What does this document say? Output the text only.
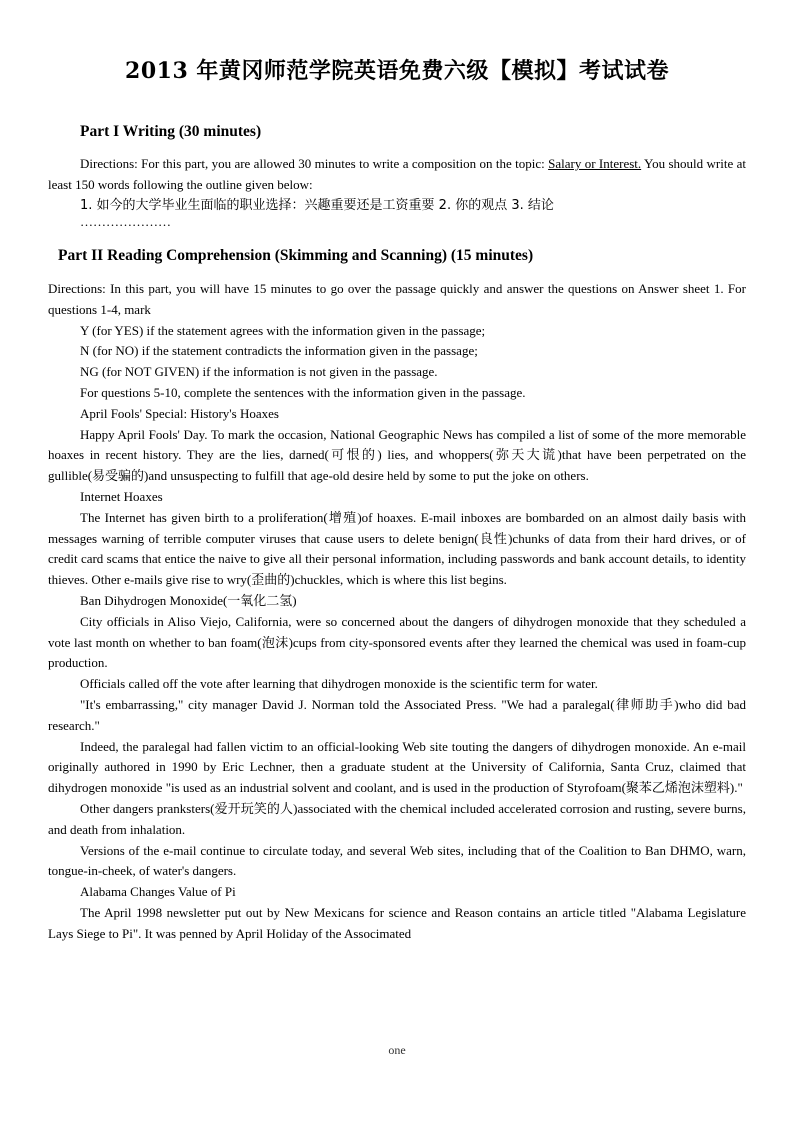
2013 年黄冈师范学院英语免费六级【模拟】考试试卷
Part I Writing (30 minutes)

Directions: For this part, you are allowed 30 minutes to write a composition on the topic: Salary or Interest. You should write at least 150 words following the outline given below:

1. 如今的大学毕业生面临的职业选择：兴趣重要还是工资重要 2. 你的观点 3. 结论
…………………
Part II Reading Comprehension (Skimming and Scanning) (15 minutes)

Directions: In this part, you will have 15 minutes to go over the passage quickly and answer the questions on Answer sheet 1. For questions 1-4, mark

Y (for YES) if the statement agrees with the information given in the passage;

N (for NO) if the statement contradicts the information given in the passage;

NG (for NOT GIVEN) if the information is not given in the passage.

For questions 5-10, complete the sentences with the information given in the passage.

April Fools' Special: History's Hoaxes

Happy April Fools' Day. To mark the occasion, National Geographic News has compiled a list of some of the more memorable hoaxes in recent history. They are the lies, darned(可恨的) lies, and whoppers(弥天大谎)that have been perpetrated on the gullible(易受骗的)and unsuspecting to fulfill that age-old desire held by some to put the joke on others.

Internet Hoaxes

The Internet has given birth to a proliferation(增殖)of hoaxes. E-mail inboxes are bombarded on an almost daily basis with messages warning of terrible computer viruses that cause users to delete benign(良性)chunks of data from their hard drives, or of credit card scams that entice the naive to give all their personal information, including passwords and bank account details, to identity thieves. Other e-mails give rise to wry(歪曲的)chuckles, which is where this list begins.

Ban Dihydrogen Monoxide(一氧化二氢)

City officials in Aliso Viejo, California, were so concerned about the dangers of dihydrogen monoxide that they scheduled a vote last month on whether to ban foam(泡沫)cups from city-sponsored events after they learned the chemical was used in foam-cup production.

Officials called off the vote after learning that dihydrogen monoxide is the scientific term for water.

"It's embarrassing," city manager David J. Norman told the Associated Press. "We had a paralegal(律师助手)who did bad research."

Indeed, the paralegal had fallen victim to an official-looking Web site touting the dangers of dihydrogen monoxide. An e-mail originally authored in 1990 by Eric Lechner, then a graduate student at the University of California, Santa Cruz, claimed that dihydrogen monoxide "is used as an industrial solvent and coolant, and is used in the production of Styrofoam(聚苯乙烯泡沫塑料)."

Other dangers pranksters(爱开玩笑的人)associated with the chemical included accelerated corrosion and rusting, severe burns, and death from inhalation.

Versions of the e-mail continue to circulate today, and several Web sites, including that of the Coalition to Ban DHMO, warn, tongue-in-cheek, of water's dangers.

Alabama Changes Value of Pi

The April 1998 newsletter put out by New Mexicans for science and Reason contains an article titled "Alabama Legislature Lays Siege to Pi". It was penned by April Holiday of the Associmated

one
